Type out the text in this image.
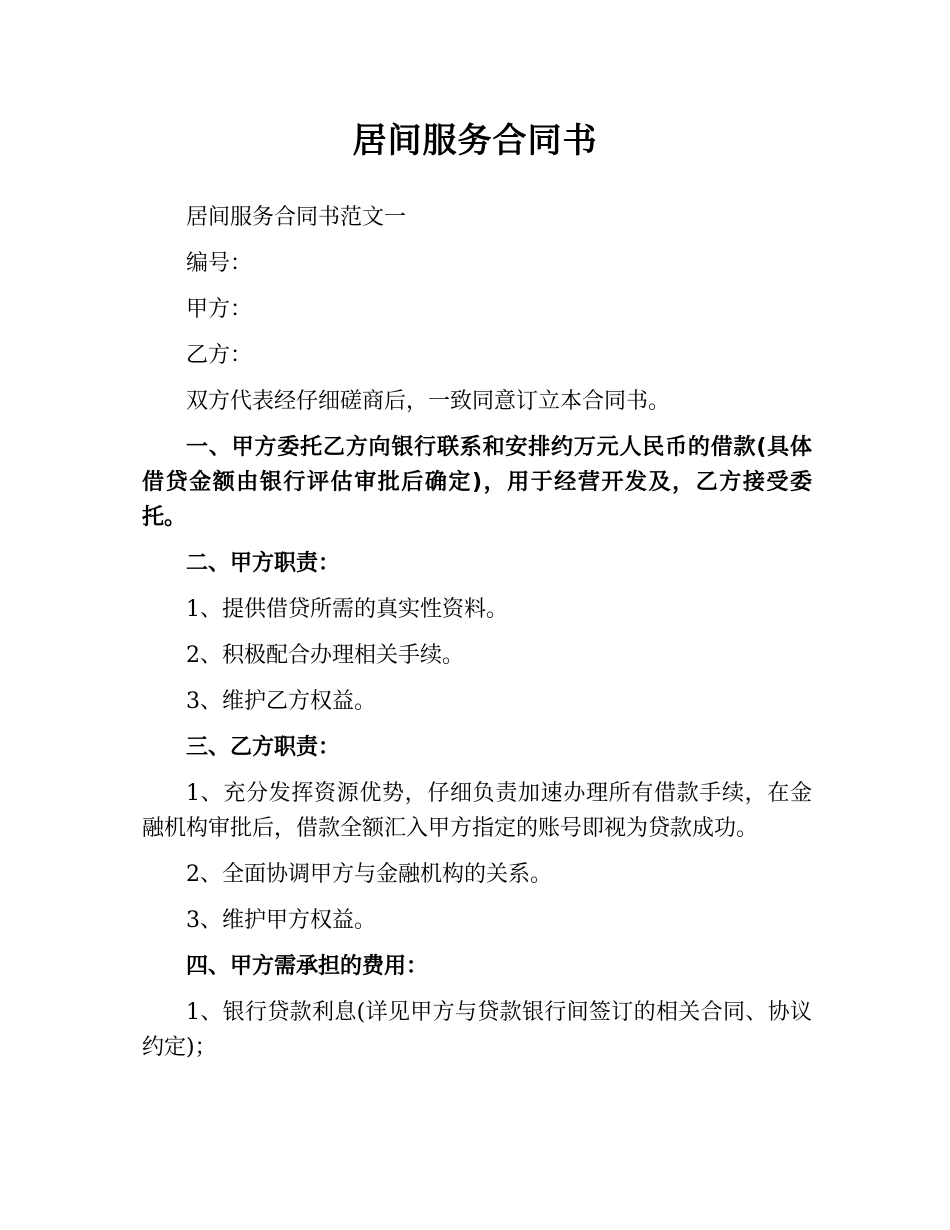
居间服务合同书

居间服务合同书范文一

编号：

甲方：

乙方：

双方代表经仔细磋商后，一致同意订立本合同书。

一、甲方委托乙方向银行联系和安排约万元人民币的借款(具体借贷金额由银行评估审批后确定)，用于经营开发及，乙方接受委托。

二、甲方职责：

1、提供借贷所需的真实性资料。

2、积极配合办理相关手续。

3、维护乙方权益。

三、乙方职责：

1、充分发挥资源优势，仔细负责加速办理所有借款手续，在金融机构审批后，借款全额汇入甲方指定的账号即视为贷款成功。

2、全面协调甲方与金融机构的关系。

3、维护甲方权益。

四、甲方需承担的费用：

1、银行贷款利息(详见甲方与贷款银行间签订的相关合同、协议约定)；
